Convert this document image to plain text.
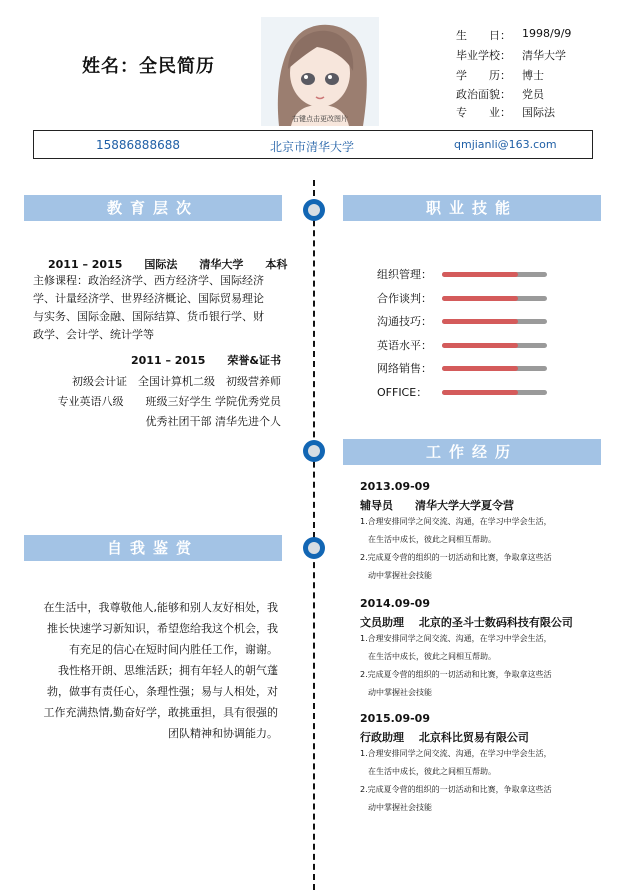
姓名：全民简历
右键点击更改图片
生　　日：	1998/9/9
毕业学校：	清华大学
学　　历：	博士
政治面貌：	党员
专　　业：	国际法
15886888688	北京市清华大学	qmjianli@163.com
教育层次	职业技能
工作经历
自我鉴赏
2011 – 2015　　国际法　　清华大学　　本科
主修课程：政治经济学、西方经济学、国际经济
学、计量经济学、世界经济概论、国际贸易理论
与实务、国际金融、国际结算、货币银行学、财
政学、会计学、统计学等
2011 – 2015　　荣誉&证书
初级会计证　全国计算机二级　初级营养师
专业英语八级　　班级三好学生 学院优秀党员
优秀社团干部 清华先进个人
组织管理：
合作谈判：
沟通技巧：
英语水平：
网络销售：
OFFICE：
2013.09-09
辅导员　　清华大学大学夏令营
1.合理安排同学之间交流、沟通，在学习中学会生活，
　在生活中成长，彼此之间相互帮助。
2.完成夏令营的组织的一切活动和比赛，争取拿这些活
　动中掌握社会技能
2014.09-09
文员助理　 北京的圣斗士数码科技有限公司
1.合理安排同学之间交流、沟通，在学习中学会生活，
　在生活中成长，彼此之间相互帮助。
2.完成夏令营的组织的一切活动和比赛，争取拿这些活
　动中掌握社会技能
2015.09-09
行政助理　 北京科比贸易有限公司
1.合理安排同学之间交流、沟通，在学习中学会生活，
　在生活中成长，彼此之间相互帮助。
2.完成夏令营的组织的一切活动和比赛，争取拿这些活
　动中掌握社会技能
在生活中，我尊敬他人,能够和别人友好相处，我
推长快速学习新知识，希望您给我这个机会，我
有充足的信心在短时间内胜任工作，谢谢。
我性格开朗、思维活跃；拥有年轻人的朝气蓬
勃，做事有责任心，条理性强；易与人相处，对
工作充满热情,勤奋好学，敢挑重担，具有很强的
团队精神和协调能力。
